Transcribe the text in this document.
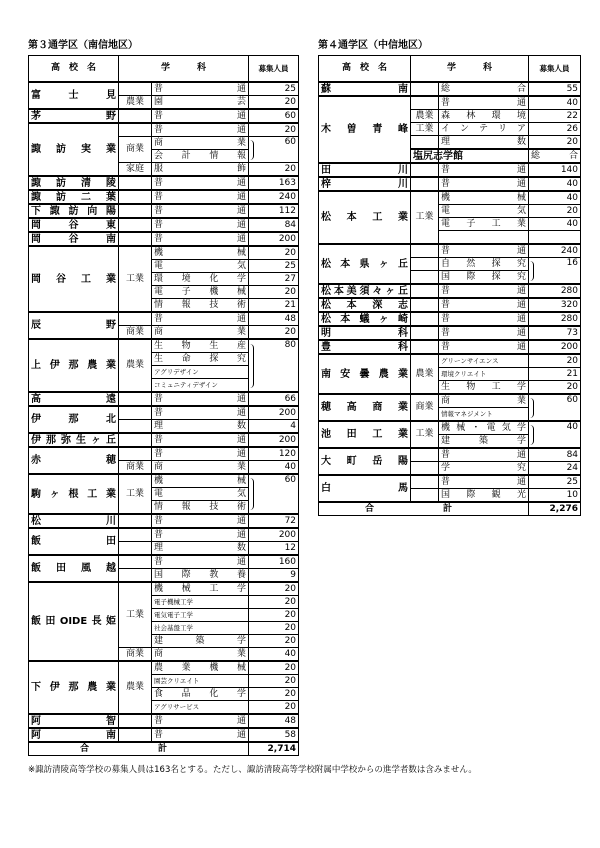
第３通学区（南信地区）
高　校　名	学　　　科		募集人員
富士見		普　通	25
	農業	園　芸	20
茅野		普　通	60
諏訪実業		普　通	20
	商業	商　業	60
		会計情報	
	家庭	服　飾	20
諏訪清陵		普　通	163
諏訪二葉		普　通	240
下諏訪向陽		普　通	112
岡谷東		普　通	84
岡谷南		普　通	200
岡谷工業	工業	機　械	20
		電　気	25
		環境化学	27
		電子機械	20
		情報技術	21
辰野		普　通	48
	商業	商　業	20
上伊那農業	農業	生物生産	80
		生命探究	
		アグリデザイン	
		コミュニティデザイン	
高遠		普　通	66
伊那北		普　通	200
		理　数	4
伊那弥生ヶ丘		普　通	200
赤穂		普　通	120
	商業	商　業	40
駒ヶ根工業	工業	機　械	60
		電　気	
		情報技術	
松川		普　通	72
飯田		普　通	200
		理　数	12
飯田風越		普　通	160
		国際教養	9
飯田OIDE長姫	工業	機械工学	20
		電子機械工学	20
		電気電子工学	20
		社会基盤工学	20
		建　築　学	20
	商業	商　業	40
下伊那農業	農業	農業機械	20
		園芸クリエイト	20
		食品化学	20
		アグリサービス	20
阿智		普　通	48
阿南		普　通	58
合　計			2,714
第４通学区（中信地区）
高　校　名	学　　　科		募集人員	
蘇南		総　合	55	
木曽青峰		普　通	40	
	農業	森林環境	22	
	工業	インテリア	26	
		理　数	20	
	塩尻志学館		総　合	
田川		普　通	140	
梓川		普　通	40	
松本工業	工業	機　械	40	
		電　気	20	
		電子工業	40	

松本県ヶ丘		普　通	240	
		自然探究	16	
		国際探究		
松本美須々ヶ丘		普　通	280	
松本深志		普　通	320	
松本蟻ヶ崎		普　通	280	
明科		普　通	73	
豊科		普　通	200	
南安曇農業	農業	グリーンサイエンス	20	
		環境クリエイト	21	
		生物工学	20	
穂高商業	商業	商　業	60	
		情報マネジメント		
池田工業	工業	機械・電気学	40	
		建　築　学		
大町岳陽		普　通	84	
		学　究	24	
白馬		普　通	25	
		国際観光	10	
合　計			2,276	
※諏訪清陵高等学校の募集人員は163名とする。ただし、諏訪清陵高等学校附属中学校からの進学者数は含みません。
